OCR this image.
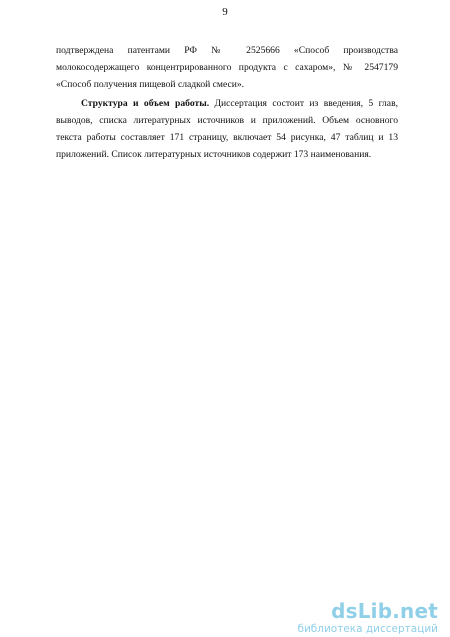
9
подтверждена патентами РФ № 2525666 «Способ производства
молокосодержащего концентрированного продукта с сахаром», № 2547179
«Способ получения пищевой сладкой смеси».
Структура и объем работы. Диссертация состоит из введения, 5 глав,
выводов, списка литературных источников и приложений. Объем основного
текста работы составляет 171 страницу, включает 54 рисунка, 47 таблиц и 13
приложений. Список литературных источников содержит 173 наименования.
dsLib.net
библиотека диссертаций
